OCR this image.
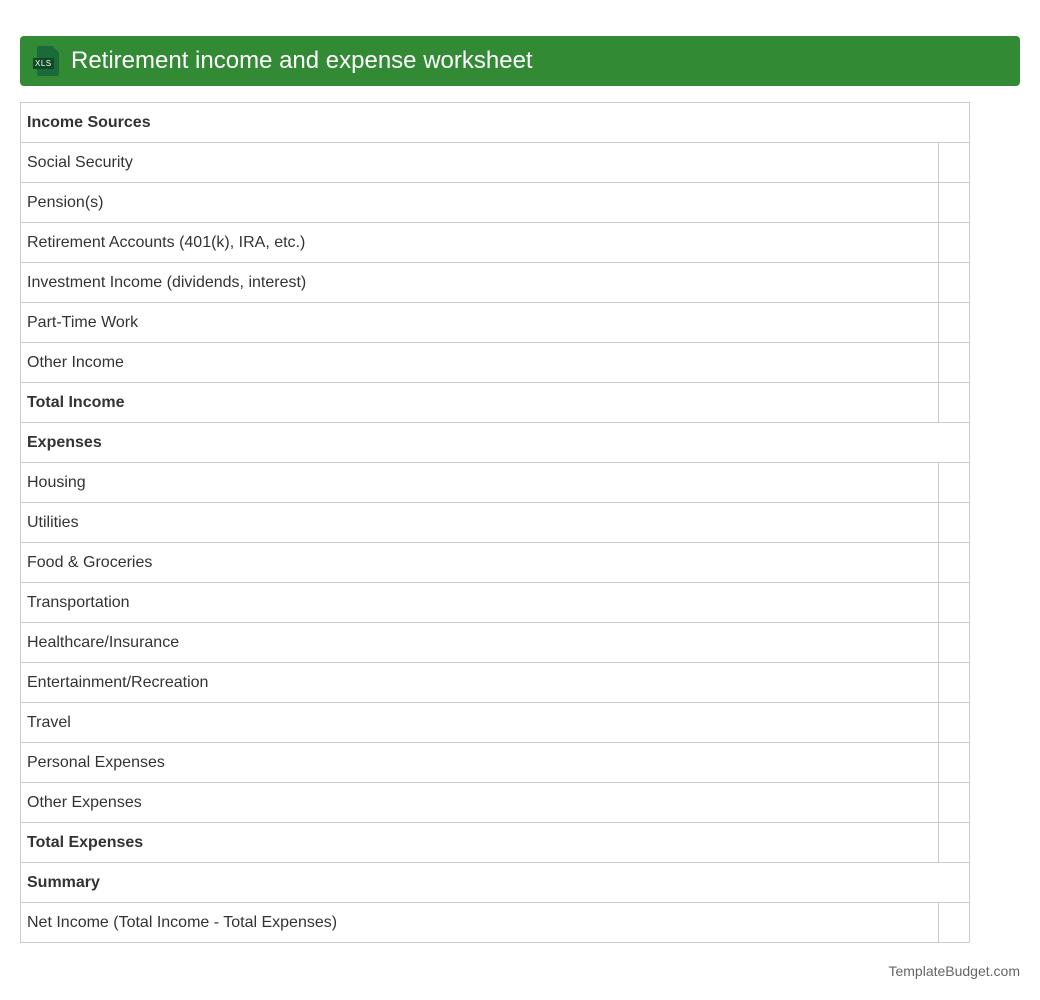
XLS Retirement income and expense worksheet
Income Sources	
Social Security	
Pension(s)	
Retirement Accounts (401(k), IRA, etc.)	
Investment Income (dividends, interest)	
Part-Time Work	
Other Income	
Total Income	
Expenses	
Housing	
Utilities	
Food & Groceries	
Transportation	
Healthcare/Insurance	
Entertainment/Recreation	
Travel	
Personal Expenses	
Other Expenses	
Total Expenses	
Summary	
Net Income (Total Income - Total Expenses)	
TemplateBudget.com
